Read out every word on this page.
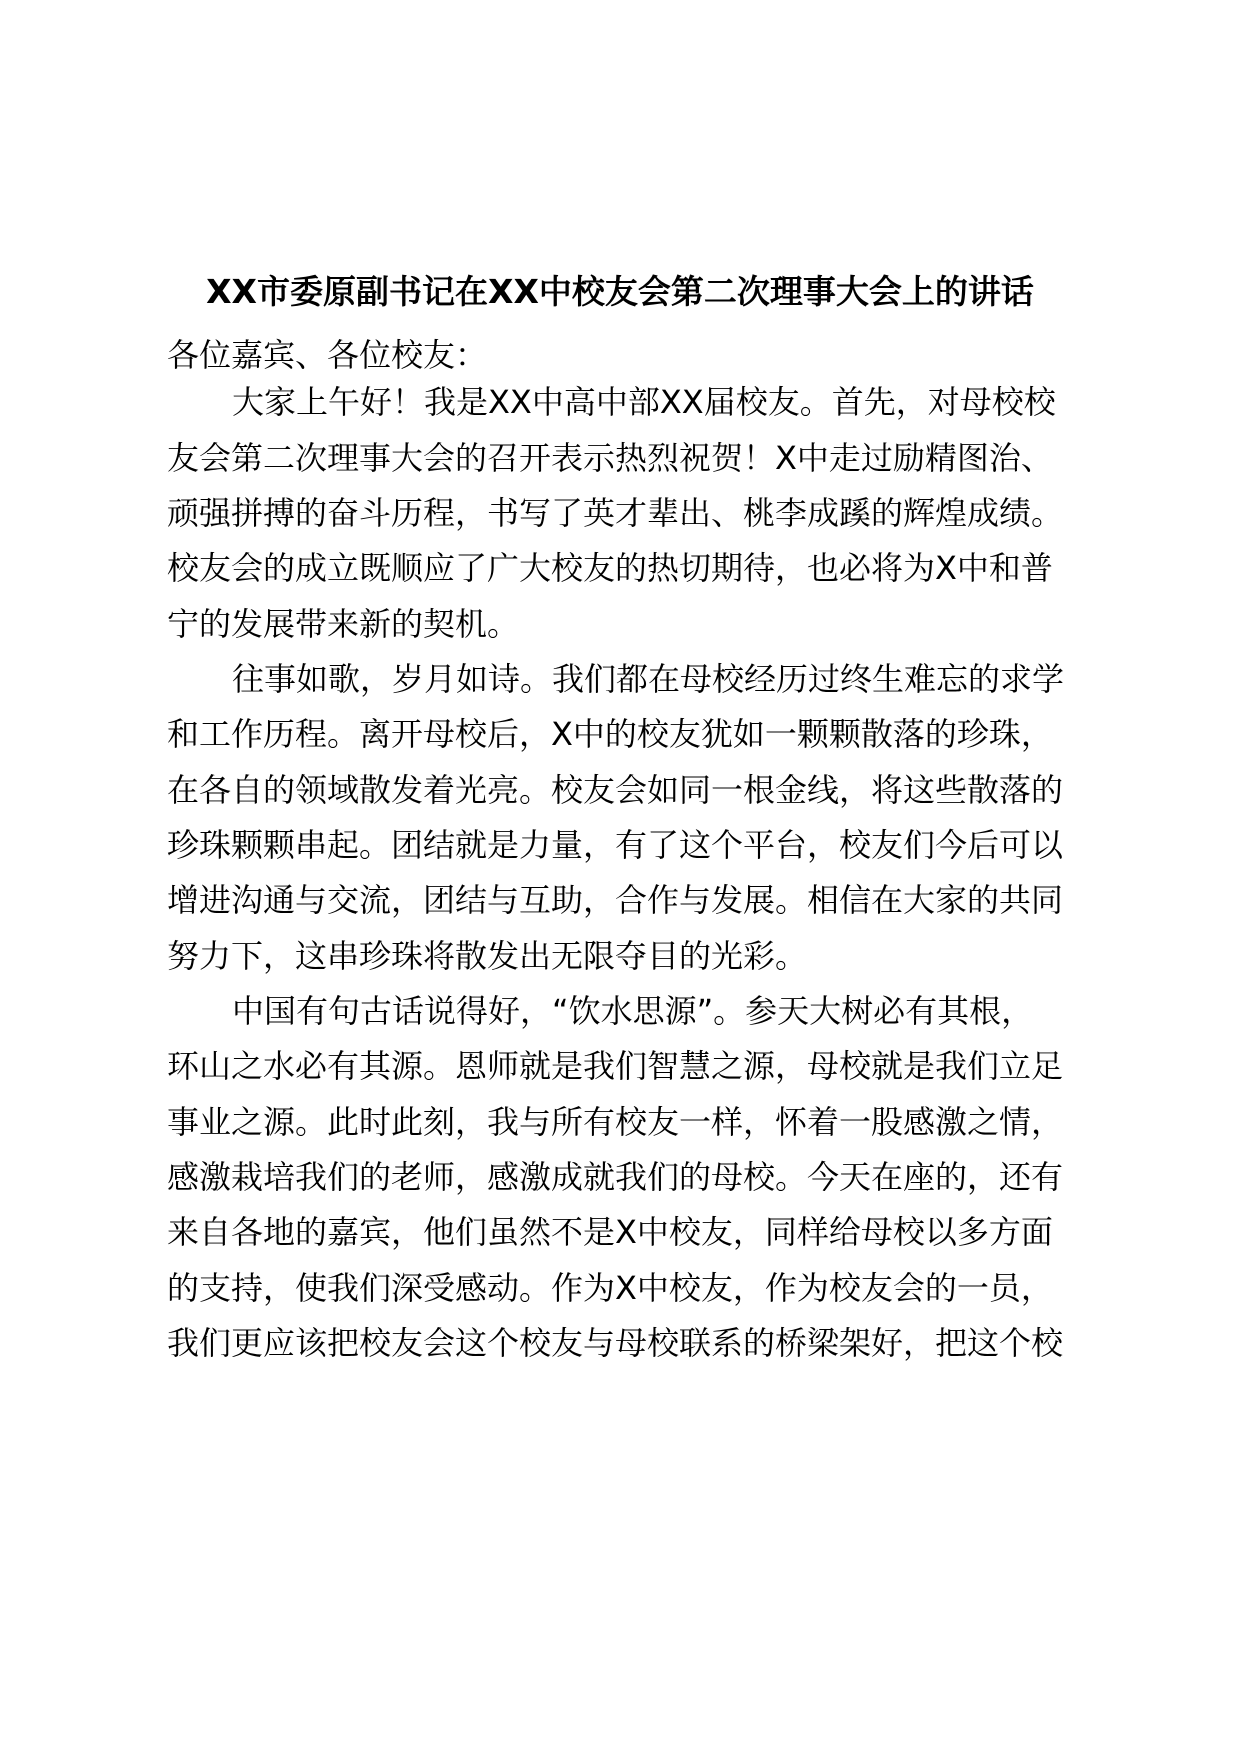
XX市委原副书记在XX中校友会第二次理事大会上的讲话

各位嘉宾、各位校友：

大家上午好！我是XX中高中部XX届校友。首先，对母校校

友会第二次理事大会的召开表示热烈祝贺！X中走过励精图治、

顽强拼搏的奋斗历程，书写了英才辈出、桃李成蹊的辉煌成绩。

校友会的成立既顺应了广大校友的热切期待，也必将为X中和普

宁的发展带来新的契机。

往事如歌，岁月如诗。我们都在母校经历过终生难忘的求学

和工作历程。离开母校后，X中的校友犹如一颗颗散落的珍珠，

在各自的领域散发着光亮。校友会如同一根金线，将这些散落的

珍珠颗颗串起。团结就是力量，有了这个平台，校友们今后可以

增进沟通与交流，团结与互助，合作与发展。相信在大家的共同

努力下，这串珍珠将散发出无限夺目的光彩。

中国有句古话说得好，“饮水思源”。参天大树必有其根，

环山之水必有其源。恩师就是我们智慧之源，母校就是我们立足

事业之源。此时此刻，我与所有校友一样，怀着一股感激之情，

感激栽培我们的老师，感激成就我们的母校。今天在座的，还有

来自各地的嘉宾，他们虽然不是X中校友，同样给母校以多方面

的支持，使我们深受感动。作为X中校友，作为校友会的一员，

我们更应该把校友会这个校友与母校联系的桥梁架好，把这个校
